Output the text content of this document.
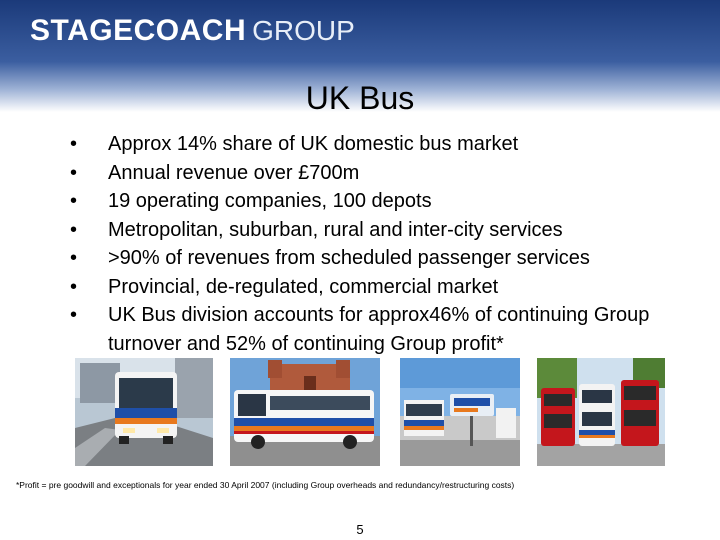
STAGECOACH GROUP
UK Bus
•	Approx 14% share of UK domestic bus market
•	Annual revenue over £700m
•	19 operating companies, 100 depots
•	Metropolitan, suburban, rural and inter-city services
•	>90% of revenues from scheduled passenger services
•	Provincial, de-regulated, commercial market
•	UK Bus division accounts for approx46% of continuing Group turnover and 52% of continuing Group profit*
*Profit = pre goodwill and exceptionals for year ended 30 April 2007 (including Group overheads and redundancy/restructuring costs)
5
